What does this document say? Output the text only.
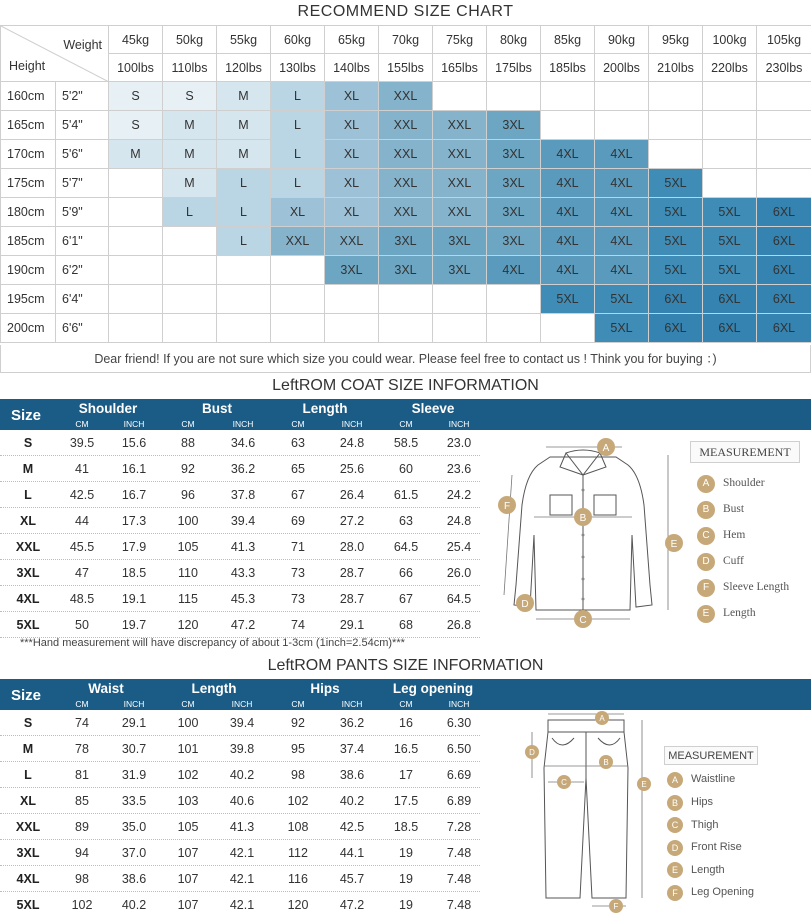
RECOMMEND SIZE CHART
Weight
Height		45kg	50kg	55kg	60kg	65kg	70kg	75kg	80kg	85kg	90kg	95kg	100kg	105kg
		100lbs	110lbs	120lbs	130lbs	140lbs	155lbs	165lbs	175lbs	185lbs	200lbs	210lbs	220lbs	230lbs
160cm	5'2"	S	S	M	L	XL	XXL							
165cm	5'4"	S	M	M	L	XL	XXL	XXL	3XL					
170cm	5'6"	M	M	M	L	XL	XXL	XXL	3XL	4XL	4XL			
175cm	5'7"		M	L	L	XL	XXL	XXL	3XL	4XL	4XL	5XL		
180cm	5'9"		L	L	XL	XL	XXL	XXL	3XL	4XL	4XL	5XL	5XL	6XL
185cm	6'1"			L	XXL	XXL	3XL	3XL	3XL	4XL	4XL	5XL	5XL	6XL
190cm	6'2"					3XL	3XL	3XL	4XL	4XL	4XL	5XL	5XL	6XL
195cm	6'4"									5XL	5XL	6XL	6XL	6XL
200cm	6'6"										5XL	6XL	6XL	6XL
Dear friend! If you are not sure which size you could wear. Please feel free to contact us ! Think you for buying ：)
LeftROM COAT SIZE INFORMATION
Size	Shoulder
CM	INCH
Bust
CM	INCH
Length
CM	INCH
Sleeve
CM	INCH
S	39.5	15.6	88	34.6	63	24.8	58.5	23.0
M	41	16.1	92	36.2	65	25.6	60	23.6
L	42.5	16.7	96	37.8	67	26.4	61.5	24.2
XL	44	17.3	100	39.4	69	27.2	63	24.8
XXL	45.5	17.9	105	41.3	71	28.0	64.5	25.4
3XL	47	18.5	110	43.3	73	28.7	66	26.0
4XL	48.5	19.1	115	45.3	73	28.7	67	64.5
5XL	50	19.7	120	47.2	74	29.1	68	26.8
***Hand measurement will have discrepancy of about 1-3cm (1inch=2.54cm)***
A
B
C
D
E
F
MEASUREMENT
A	Shoulder
B	Bust
C	Hem
D	Cuff
F	Sleeve Length
E	Length
LeftROM PANTS SIZE INFORMATION
Size	Waist
CM	INCH
Length
CM	INCH
Hips
CM	INCH
Leg opening
CM	INCH
S	74	29.1	100	39.4	92	36.2	16	6.30
M	78	30.7	101	39.8	95	37.4	16.5	6.50
L	81	31.9	102	40.2	98	38.6	17	6.69
XL	85	33.5	103	40.6	102	40.2	17.5	6.89
XXL	89	35.0	105	41.3	108	42.5	18.5	7.28
3XL	94	37.0	107	42.1	112	44.1	19	7.48
4XL	98	38.6	107	42.1	116	45.7	19	7.48
5XL	102	40.2	107	42.1	120	47.2	19	7.48
A
B
C
D
E
F
MEASUREMENT
A	Waistline
B	Hips
C	Thigh
D	Front Rise
E	Length
F	Leg Opening
